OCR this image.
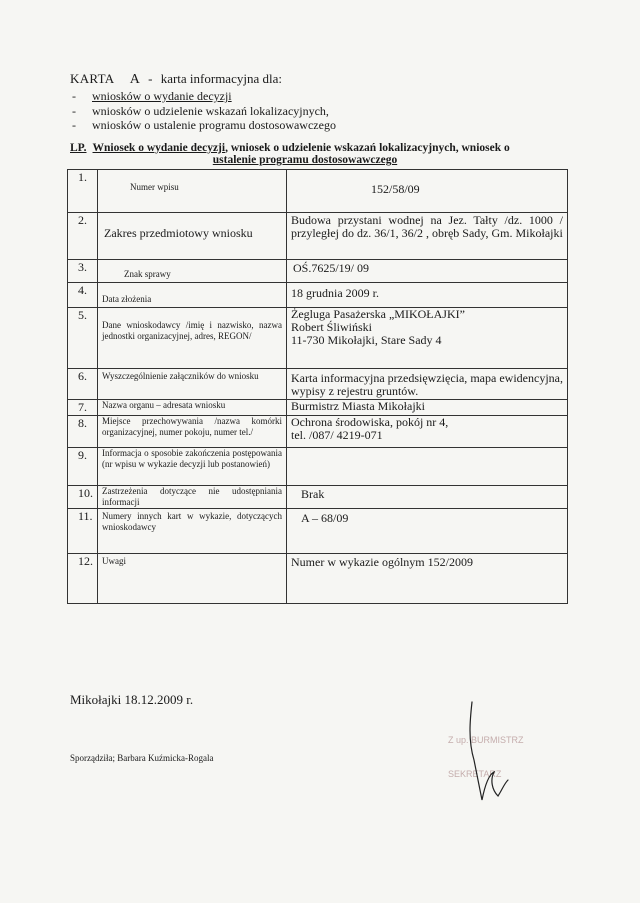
KARTA A - karta informacyjna dla:
- wniosków o wydanie decyzji
- wniosków o udzielenie wskazań lokalizacyjnych,
- wniosków o ustalenie programu dostosowawczego
LP. Wniosek o wydanie decyzji, wniosek o udzielenie wskazań lokalizacyjnych, wniosek o
ustalenie programu dostosowawczego
1.	Numer wpisu	152/58/09

2.	Zakres przedmiotowy wniosku	Budowa przystani wodnej na Jez. Tałty /dz. 1000 / przyległej do dz. 36/1, 36/2 , obręb Sady, Gm. Mikołajki

3.	Znak sprawy	OŚ.7625/19/ 09

4.	Data złożenia	18 grudnia 2009 r.

5.	Dane wnioskodawcy /imię i nazwisko, nazwa jednostki organizacyjnej, adres, REGON/	Żegluga Pasażerska „MIKOŁAJKI”
Robert Śliwiński
11-730 Mikołajki, Stare Sady 4

6.	Wyszczególnienie załączników do wniosku	Karta informacyjna przedsięwzięcia, mapa ewidencyjna, wypisy z rejestru gruntów.

7.	Nazwa organu – adresata wniosku	Burmistrz Miasta Mikołajki

8.	Miejsce przechowywania /nazwa komórki organizacyjnej, numer pokoju, numer tel./	Ochrona środowiska, pokój nr 4,
tel. /087/ 4219-071

9.	Informacja o sposobie zakończenia postępowania (nr wpisu w wykazie decyzji lub postanowień)	

10.	Zastrzeżenia dotyczące nie udostępniania informacji	Brak

11.	Numery innych kart w wykazie, dotyczących wnioskodawcy	A – 68/09

12.	Uwagi	Numer w wykazie ogólnym 152/2009
Mikołajki 18.12.2009 r.
Sporządziła; Barbara Kuźmicka-Rogala
Z up. BURMISTRZ
SEKRETARZ
